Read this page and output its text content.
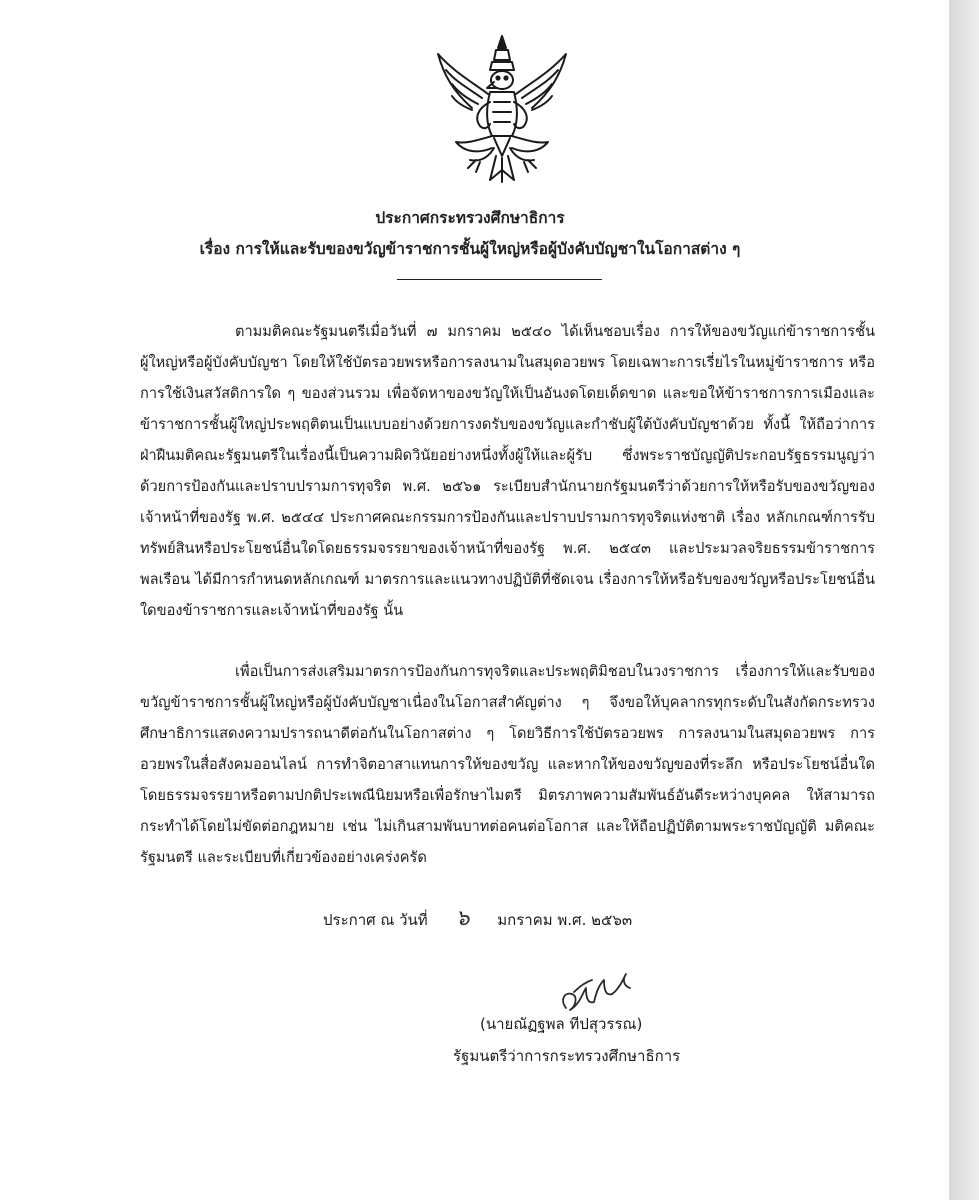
ประกาศกระทรวงศึกษาธิการ
เรื่อง การให้และรับของขวัญข้าราชการชั้นผู้ใหญ่หรือผู้บังคับบัญชาในโอกาสต่าง ๆ

ตามมติคณะรัฐมนตรีเมื่อวันที่ ๗ มกราคม ๒๕๔๐ ได้เห็นชอบเรื่อง การให้ของขวัญแก่ข้าราชการชั้นผู้ใหญ่หรือผู้บังคับบัญชา โดยให้ใช้บัตรอวยพรหรือการลงนามในสมุดอวยพร โดยเฉพาะการเรี่ยไรในหมู่ข้าราชการ หรือการใช้เงินสวัสดิการใด ๆ ของส่วนรวม เพื่อจัดหาของขวัญให้เป็นอันงดโดยเด็ดขาด และขอให้ข้าราชการการเมืองและข้าราชการชั้นผู้ใหญ่ประพฤติตนเป็นแบบอย่างด้วยการงดรับของขวัญและกำชับผู้ใต้บังคับบัญชาด้วย ทั้งนี้ ให้ถือว่าการฝ่าฝืนมติคณะรัฐมนตรีในเรื่องนี้เป็นความผิดวินัยอย่างหนึ่งทั้งผู้ให้และผู้รับ ซึ่งพระราชบัญญัติประกอบรัฐธรรมนูญว่าด้วยการป้องกันและปราบปรามการทุจริต พ.ศ. ๒๕๖๑ ระเบียบสำนักนายกรัฐมนตรีว่าด้วยการให้หรือรับของขวัญของเจ้าหน้าที่ของรัฐ พ.ศ. ๒๕๔๔ ประกาศคณะกรรมการป้องกันและปราบปรามการทุจริตแห่งชาติ เรื่อง หลักเกณฑ์การรับทรัพย์สินหรือประโยชน์อื่นใดโดยธรรมจรรยาของเจ้าหน้าที่ของรัฐ พ.ศ. ๒๕๔๓ และประมวลจริยธรรมข้าราชการพลเรือน ได้มีการกำหนดหลักเกณฑ์ มาตรการและแนวทางปฏิบัติที่ชัดเจน เรื่องการให้หรือรับของขวัญหรือประโยชน์อื่นใดของข้าราชการและเจ้าหน้าที่ของรัฐ นั้น

เพื่อเป็นการส่งเสริมมาตรการป้องกันการทุจริตและประพฤติมิชอบในวงราชการ เรื่องการให้และรับของขวัญข้าราชการชั้นผู้ใหญ่หรือผู้บังคับบัญชาเนื่องในโอกาสสำคัญต่าง ๆ จึงขอให้บุคลากรทุกระดับในสังกัดกระทรวงศึกษาธิการแสดงความปรารถนาดีต่อกันในโอกาสต่าง ๆ โดยวิธีการใช้บัตรอวยพร การลงนามในสมุดอวยพร การอวยพรในสื่อสังคมออนไลน์ การทำจิตอาสาแทนการให้ของขวัญ และหากให้ของขวัญของที่ระลึก หรือประโยชน์อื่นใดโดยธรรมจรรยาหรือตามปกติประเพณีนิยมหรือเพื่อรักษาไมตรี มิตรภาพความสัมพันธ์อันดีระหว่างบุคคล ให้สามารถกระทำได้โดยไม่ขัดต่อกฎหมาย เช่น ไม่เกินสามพันบาทต่อคนต่อโอกาส และให้ถือปฏิบัติตามพระราชบัญญัติ มติคณะรัฐมนตรี และระเบียบที่เกี่ยวข้องอย่างเคร่งครัด

ประกาศ ณ วันที่ ๖ มกราคม พ.ศ. ๒๕๖๓
(นายณัฏฐพล ทีปสุวรรณ)
รัฐมนตรีว่าการกระทรวงศึกษาธิการ
